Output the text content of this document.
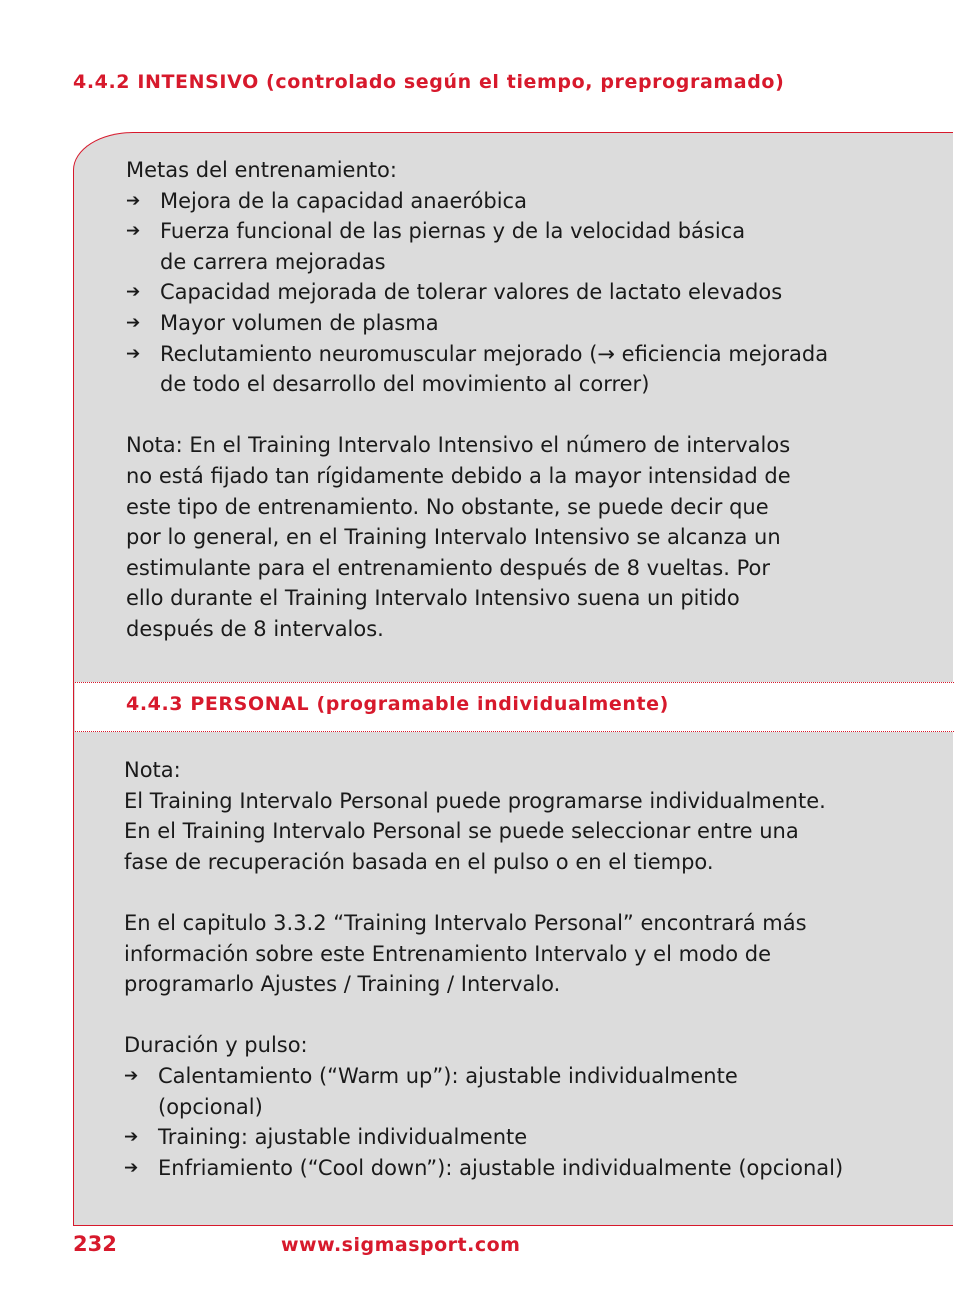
4.4.2 INTENSIVO (controlado según el tiempo, preprogramado)
Metas del entrenamiento:
➔ Mejora de la capacidad anaeróbica
➔ Fuerza funcional de las piernas y de la velocidad básica
de carrera mejoradas
➔ Capacidad mejorada de tolerar valores de lactato elevados
➔ Mayor volumen de plasma
➔ Reclutamiento neuromuscular mejorado (→ eficiencia mejorada
de todo el desarrollo del movimiento al correr)
Nota: En el Training Intervalo Intensivo el número de intervalos
no está fijado tan rígidamente debido a la mayor intensidad de
este tipo de entrenamiento. No obstante, se puede decir que
por lo general, en el Training Intervalo Intensivo se alcanza un
estimulante para el entrenamiento después de 8 vueltas. Por
ello durante el Training Intervalo Intensivo suena un pitido
después de 8 intervalos.
4.4.3 PERSONAL (programable individualmente)
Nota:
El Training Intervalo Personal puede programarse individualmente.
En el Training Intervalo Personal se puede seleccionar entre una
fase de recuperación basada en el pulso o en el tiempo.
En el capitulo 3.3.2 “Training Intervalo Personal” encontrará más
información sobre este Entrenamiento Intervalo y el modo de
programarlo Ajustes / Training / Intervalo.
Duración y pulso:
➔ Calentamiento (“Warm up”): ajustable individualmente
(opcional)
➔ Training: ajustable individualmente
➔ Enfriamiento (“Cool down”): ajustable individualmente (opcional)
232	www.sigmasport.com
